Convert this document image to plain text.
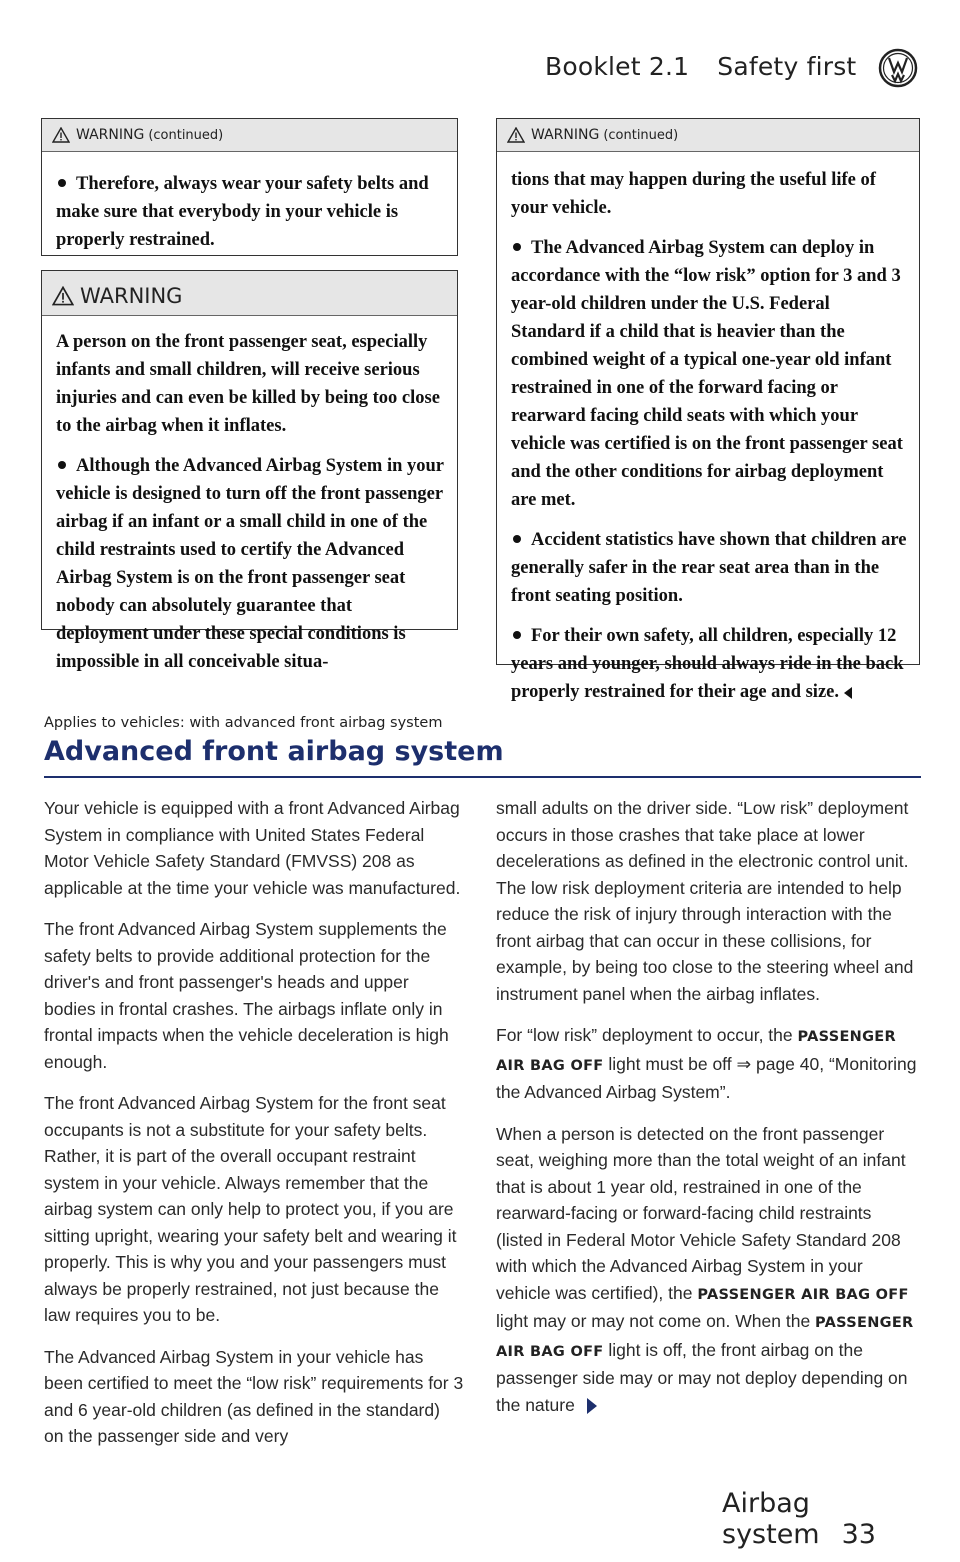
Booklet 2.1 Safety first
WARNING (continued)

Therefore, always wear your safety belts and make sure that everybody in your vehicle is properly restrained.

WARNING

A person on the front passenger seat, especially infants and small children, will receive serious injuries and can even be killed by being too close to the airbag when it inflates.

Although the Advanced Airbag System in your vehicle is designed to turn off the front passenger airbag if an infant or a small child in one of the child restraints used to certify the Advanced Airbag System is on the front passenger seat nobody can absolutely guarantee that deployment under these special conditions is impossible in all conceivable situa-

WARNING (continued)

tions that may happen during the useful life of your vehicle.

The Advanced Airbag System can deploy in accordance with the “low risk” option for 3 and 3 year-old children under the U.S. Federal Standard if a child that is heavier than the combined weight of a typical one-year old infant restrained in one of the forward facing or rearward facing child seats with which your vehicle was certified is on the front passenger seat and the other conditions for airbag deployment are met.

Accident statistics have shown that children are generally safer in the rear seat area than in the front seating position.

For their own safety, all children, especially 12 years and younger, should always ride in the back properly restrained for their age and size.

Applies to vehicles: with advanced front airbag system
Advanced front airbag system

Your vehicle is equipped with a front Advanced Airbag System in compliance with United States Federal Motor Vehicle Safety Standard (FMVSS) 208 as applicable at the time your vehicle was manufactured.

The front Advanced Airbag System supplements the safety belts to provide additional protection for the driver's and front passenger's heads and upper bodies in frontal crashes. The airbags inflate only in frontal impacts when the vehicle deceleration is high enough.

The front Advanced Airbag System for the front seat occupants is not a substitute for your safety belts. Rather, it is part of the overall occupant restraint system in your vehicle. Always remember that the airbag system can only help to protect you, if you are sitting upright, wearing your safety belt and wearing it properly. This is why you and your passengers must always be properly restrained, not just because the law requires you to be.

The Advanced Airbag System in your vehicle has been certified to meet the “low risk” requirements for 3 and 6 year-old children (as defined in the standard) on the passenger side and very

small adults on the driver side. “Low risk” deployment occurs in those crashes that take place at lower decelerations as defined in the electronic control unit. The low risk deployment criteria are intended to help reduce the risk of injury through interaction with the front airbag that can occur in these collisions, for example, by being too close to the steering wheel and instrument panel when the airbag inflates.

For “low risk” deployment to occur, the PASSENGER AIR BAG OFF light must be off ⇒ page 40, “Monitoring the Advanced Airbag System”.

When a person is detected on the front passenger seat, weighing more than the total weight of an infant that is about 1 year old, restrained in one of the rearward-facing or forward-facing child restraints (listed in Federal Motor Vehicle Safety Standard 208 with which the Advanced Airbag System in your vehicle was certified), the PASSENGER AIR BAG OFF light may or may not come on. When the PASSENGER AIR BAG OFF light is off, the front airbag on the passenger side may or may not deploy depending on the nature

Airbag system 33
